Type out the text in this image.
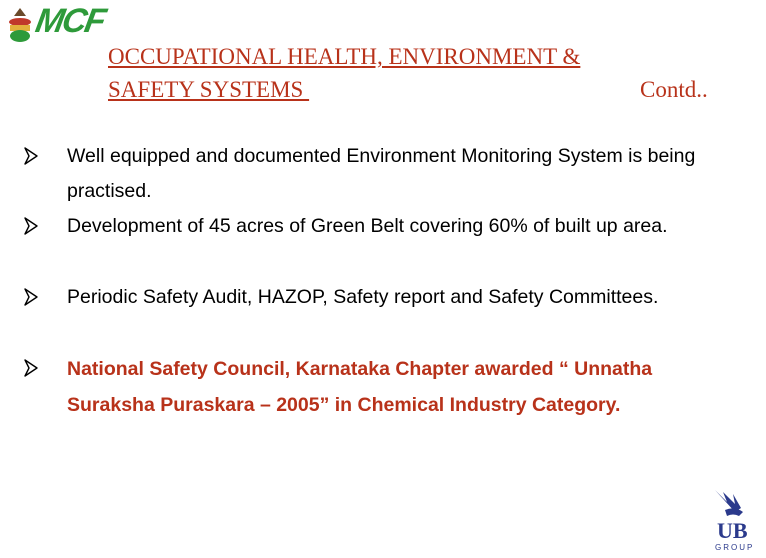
MCF
OCCUPATIONAL HEALTH, ENVIRONMENT &
SAFETY SYSTEMS	Contd..
Well equipped and documented Environment Monitoring System is being practised.
Development of 45 acres of Green Belt covering 60% of built up area.
Periodic Safety Audit, HAZOP, Safety report and Safety Committees.
National Safety Council, Karnataka Chapter awarded “ Unnatha Suraksha Puraskara – 2005” in Chemical Industry Category.
UB
GROUP
